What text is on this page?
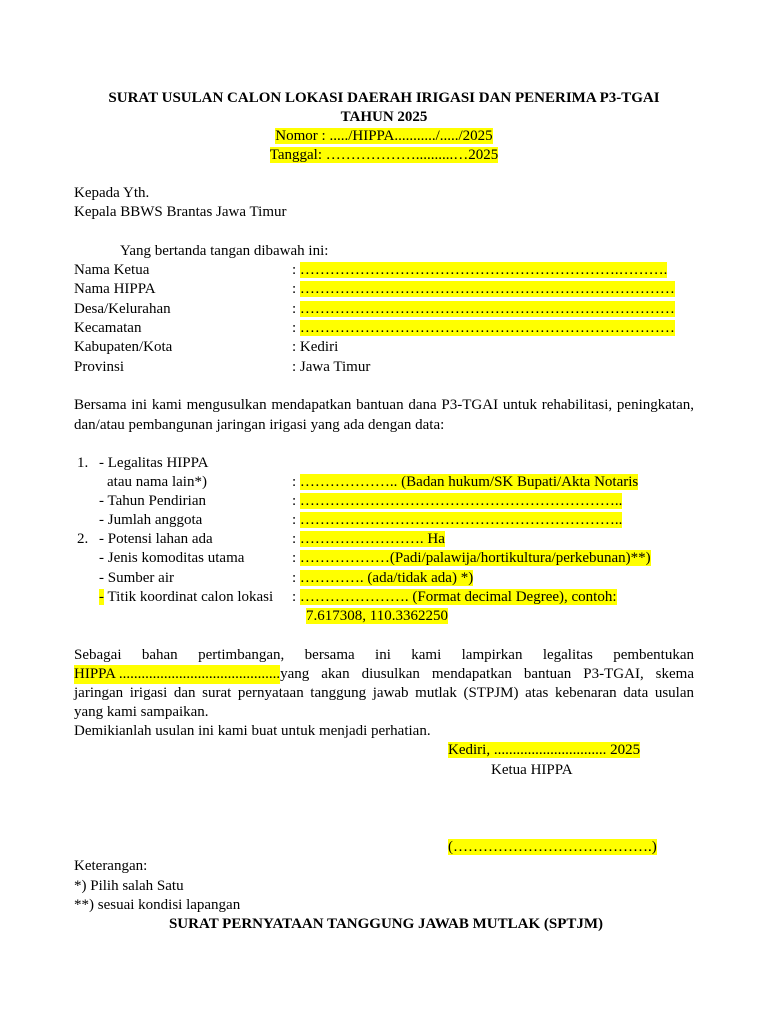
SURAT USULAN CALON LOKASI DAERAH IRIGASI DAN PENERIMA P3-TGAI
TAHUN 2025
Nomor : ...../HIPPA.........../...../2025
Tanggal: ………………..........…2025
Kepada Yth.
Kepala BBWS Brantas Jawa Timur
Yang bertanda tangan dibawah ini:
Nama Ketua	: ……………………………………………………….……….
Nama HIPPA	: …………………………………………………………………
Desa/Kelurahan	: …………………………………………………………………
Kecamatan	: …………………………………………………………………
Kabupaten/Kota	: Kediri
Provinsi	: Jawa Timur
Bersama ini kami mengusulkan mendapatkan bantuan dana P3-TGAI untuk rehabilitasi, peningkatan, dan/atau pembangunan jaringan irigasi yang ada dengan data:
1. - Legalitas HIPPA
atau nama lain*)	: ……………….. (Badan hukum/SK Bupati/Akta Notaris
- Tahun Pendirian	: ………………………………………………………..
- Jumlah anggota	: ………………………………………………………..
2. - Potensi lahan ada	: ……………………. Ha
- Jenis komoditas utama	: ………………(Padi/palawija/hortikultura/perkebunan)**)
- Sumber air	: …………. (ada/tidak ada) *)
- Titik koordinat calon lokasi : …………………. (Format decimal Degree), contoh:
7.617308, 110.3362250
Sebagai bahan pertimbangan, bersama ini kami lampirkan legalitas pembentukan
HIPPA ........................................... yang akan diusulkan mendapatkan bantuan P3-TGAI, skema
jaringan irigasi dan surat pernyataan tanggung jawab mutlak (STPJM) atas kebenaran data usulan
yang kami sampaikan.
Demikianlah usulan ini kami buat untuk menjadi perhatian.
Kediri, .............................. 2025
Ketua HIPPA
(………………………………….)
Keterangan:
*) Pilih salah Satu
**) sesuai kondisi lapangan
SURAT PERNYATAAN TANGGUNG JAWAB MUTLAK (SPTJM)
